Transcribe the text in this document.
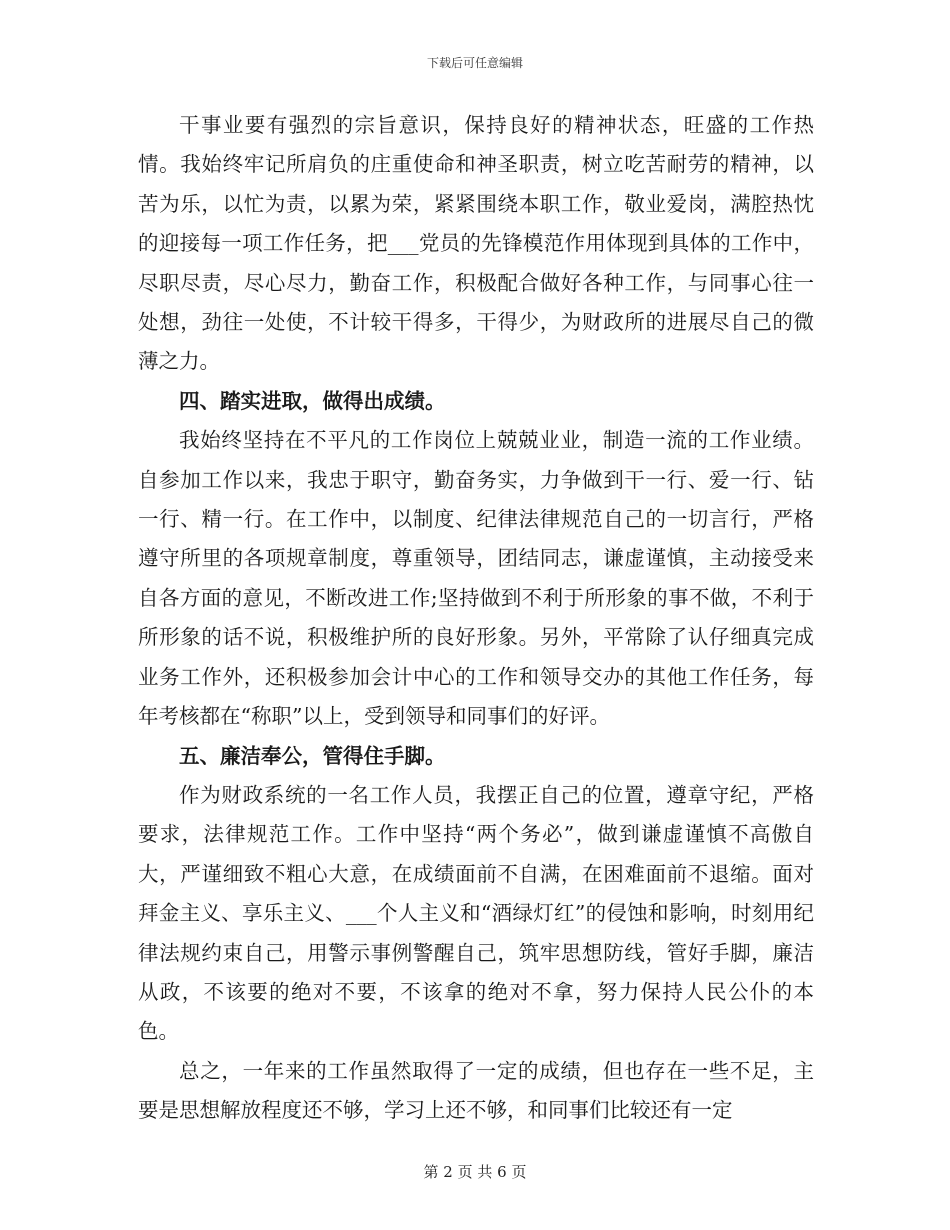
下载后可任意编辑

干事业要有强烈的宗旨意识，保持良好的精神状态，旺盛的工作热情。我始终牢记所肩负的庄重使命和神圣职责，树立吃苦耐劳的精神，以苦为乐，以忙为责，以累为荣，紧紧围绕本职工作，敬业爱岗，满腔热忱的迎接每一项工作任务，把___党员的先锋模范作用体现到具体的工作中，尽职尽责，尽心尽力，勤奋工作，积极配合做好各种工作，与同事心往一处想，劲往一处使，不计较干得多，干得少，为财政所的进展尽自己的微薄之力。

四、踏实进取，做得出成绩。

我始终坚持在不平凡的工作岗位上兢兢业业，制造一流的工作业绩。自参加工作以来，我忠于职守，勤奋务实，力争做到干一行、爱一行、钻一行、精一行。在工作中，以制度、纪律法律规范自己的一切言行，严格遵守所里的各项规章制度，尊重领导，团结同志，谦虚谨慎，主动接受来自各方面的意见，不断改进工作;坚持做到不利于所形象的事不做，不利于所形象的话不说，积极维护所的良好形象。另外，平常除了认仔细真完成业务工作外，还积极参加会计中心的工作和领导交办的其他工作任务，每年考核都在“称职”以上，受到领导和同事们的好评。

五、廉洁奉公，管得住手脚。

作为财政系统的一名工作人员，我摆正自己的位置，遵章守纪，严格要求，法律规范工作。工作中坚持“两个务必”，做到谦虚谨慎不高傲自大，严谨细致不粗心大意，在成绩面前不自满，在困难面前不退缩。面对拜金主义、享乐主义、___个人主义和“酒绿灯红”的侵蚀和影响，时刻用纪律法规约束自己，用警示事例警醒自己，筑牢思想防线，管好手脚，廉洁从政，不该要的绝对不要，不该拿的绝对不拿，努力保持人民公仆的本色。

总之，一年来的工作虽然取得了一定的成绩，但也存在一些不足，主要是思想解放程度还不够，学习上还不够，和同事们比较还有一定

第 2 页 共 6 页
